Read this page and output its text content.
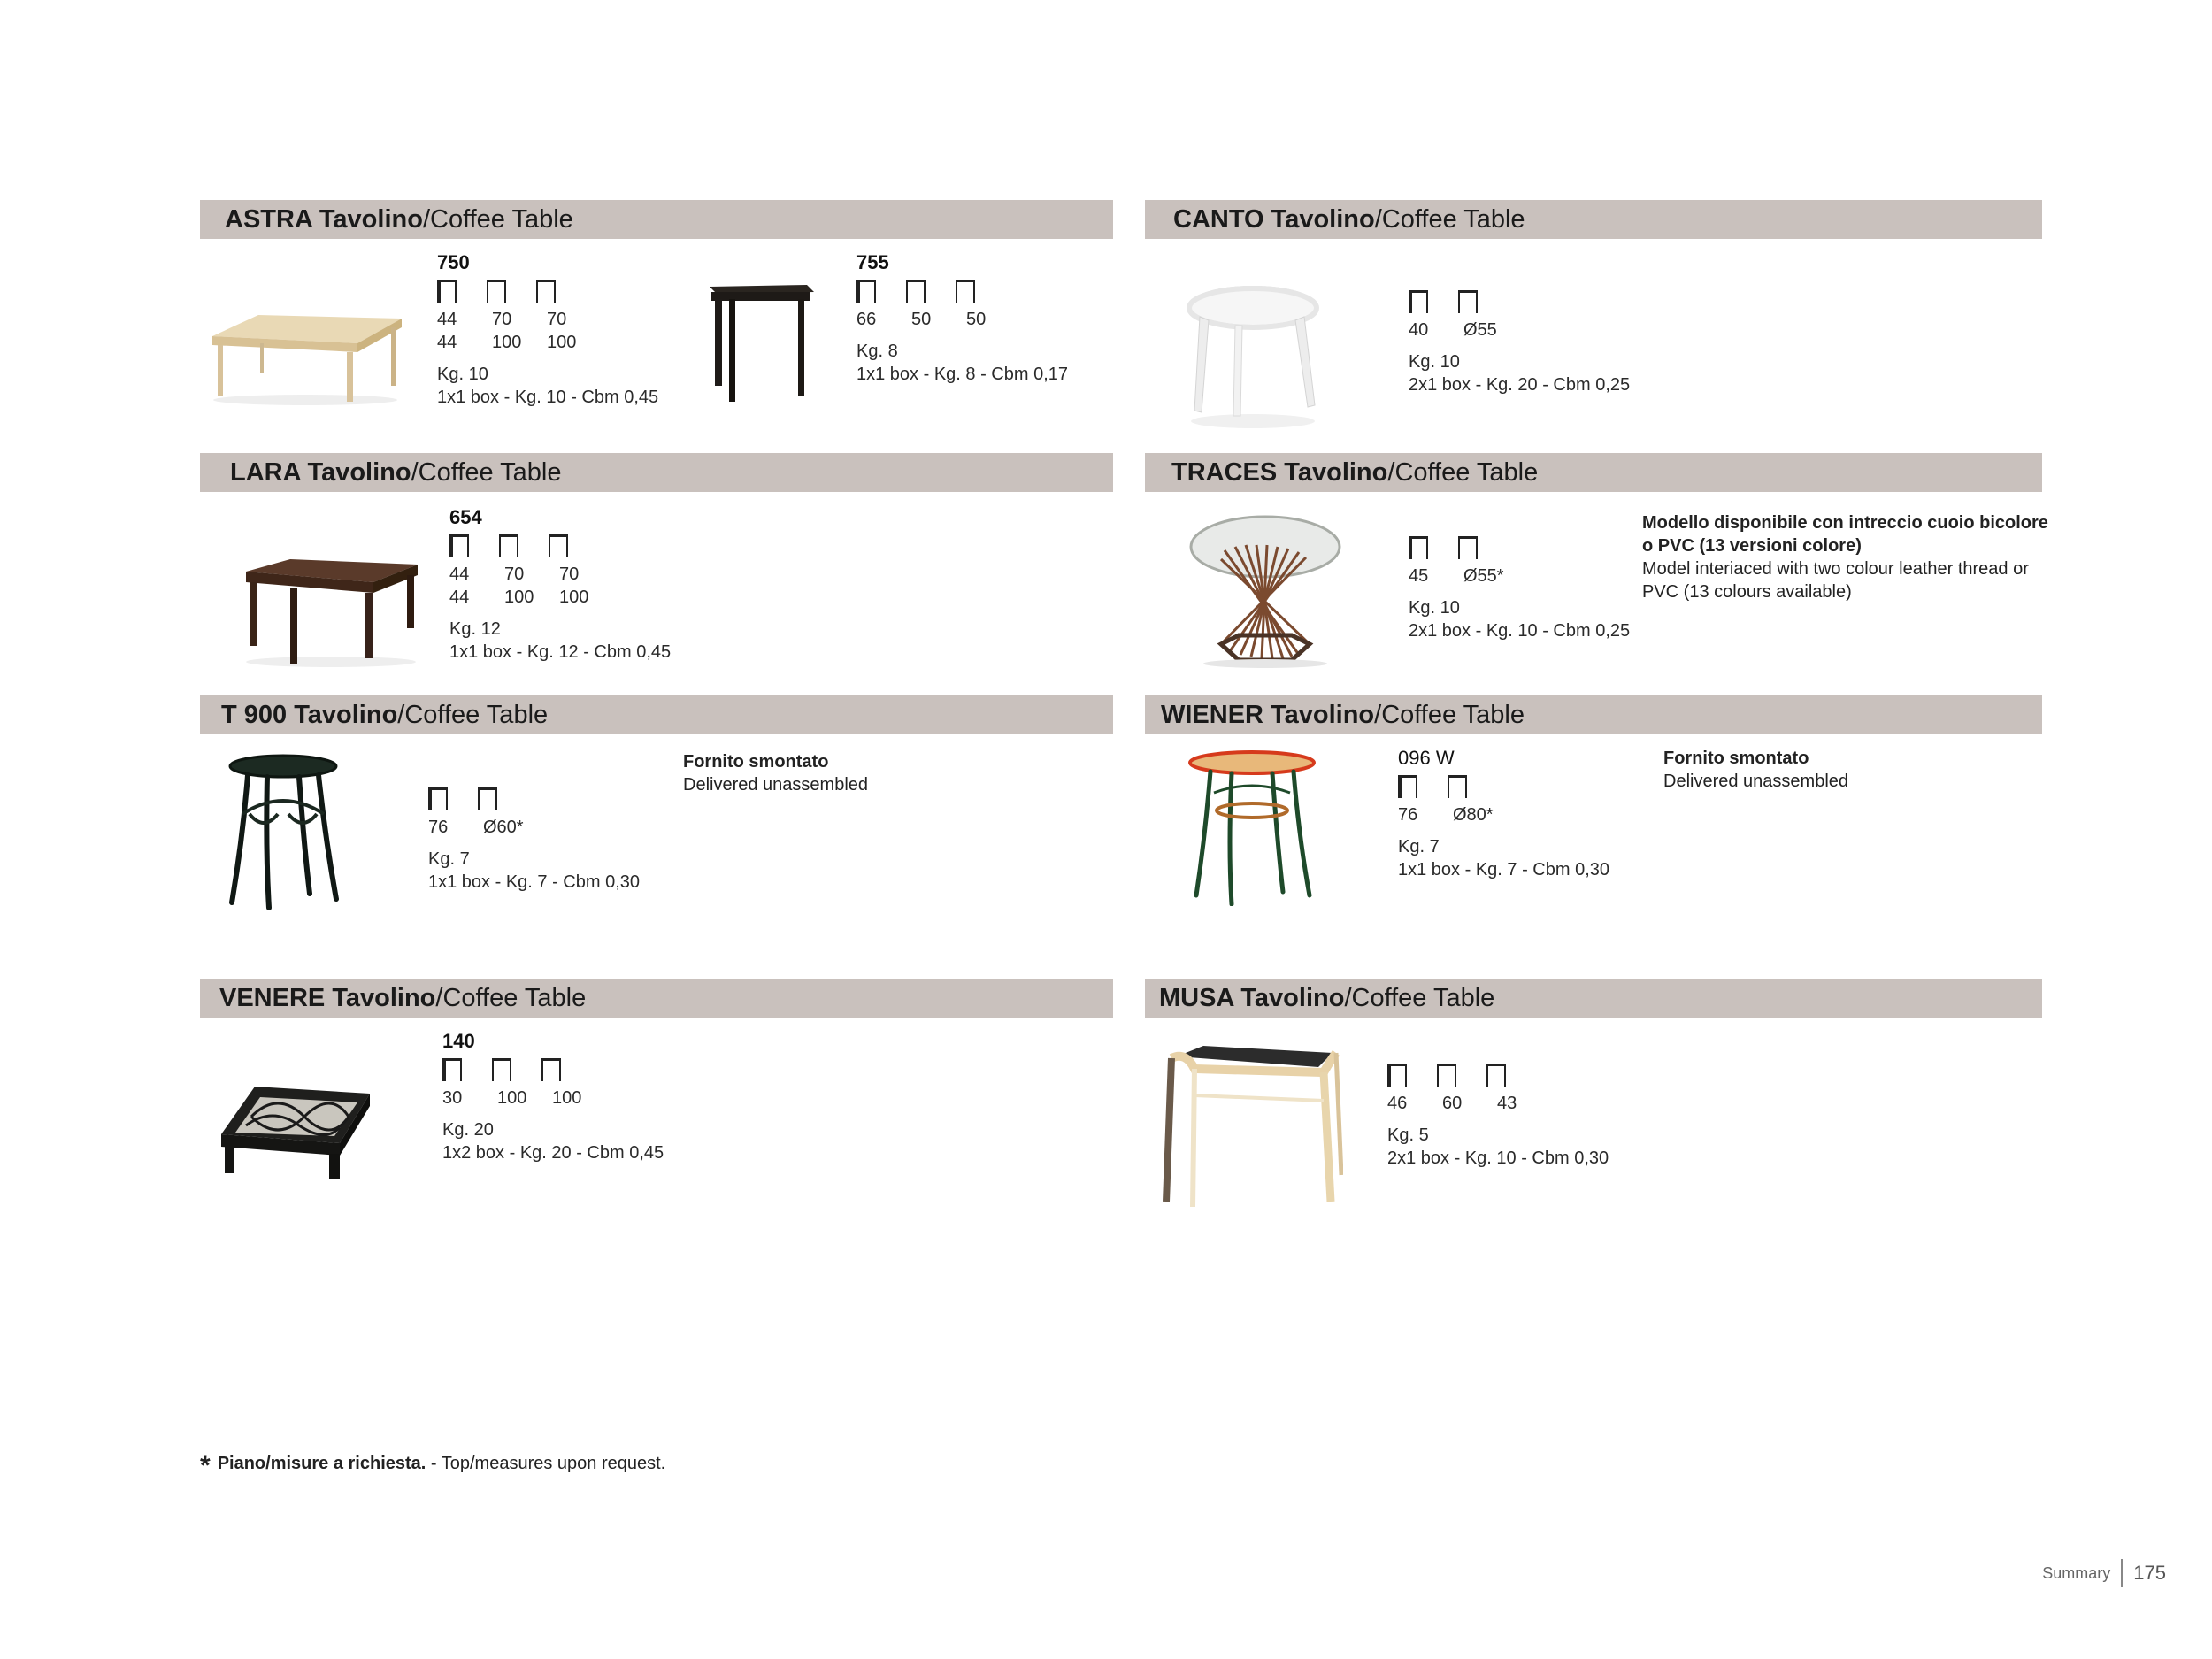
ASTRA Tavolino/Coffee Table	CANTO Tavolino/Coffee Table
750
44	70	70
44	100	100
Kg. 10
1x1 box - Kg. 10 - Cbm 0,45
755
66	50	50
Kg. 8
1x1 box - Kg. 8 - Cbm 0,17
40	Ø55
Kg. 10
2x1 box - Kg. 20 - Cbm 0,25
LARA Tavolino/Coffee Table	TRACES Tavolino/Coffee Table
654
44	70	70
44	100	100
Kg. 12
1x1 box - Kg. 12 - Cbm 0,45
45	Ø55*
Kg. 10
2x1 box - Kg. 10 - Cbm 0,25
Modello disponibile con intreccio cuoio bicolore
o PVC (13 versioni colore)
Model interiaced with two colour leather thread or
PVC (13 colours available)
T 900 Tavolino/Coffee Table	WIENER Tavolino/Coffee Table
76	Ø60*
Kg. 7
1x1 box - Kg. 7 - Cbm 0,30
Fornito smontato
Delivered unassembled
096 W
76	Ø80*
Kg. 7
1x1 box - Kg. 7 - Cbm 0,30
Fornito smontato
Delivered unassembled
VENERE Tavolino/Coffee Table	MUSA Tavolino/Coffee Table
140
30	100	100
Kg. 20
1x2 box - Kg. 20 - Cbm 0,45
46	60	43
Kg. 5
2x1 box - Kg. 10 - Cbm 0,30
* Piano/misure a richiesta. - Top/measures upon request.
Summary 175
